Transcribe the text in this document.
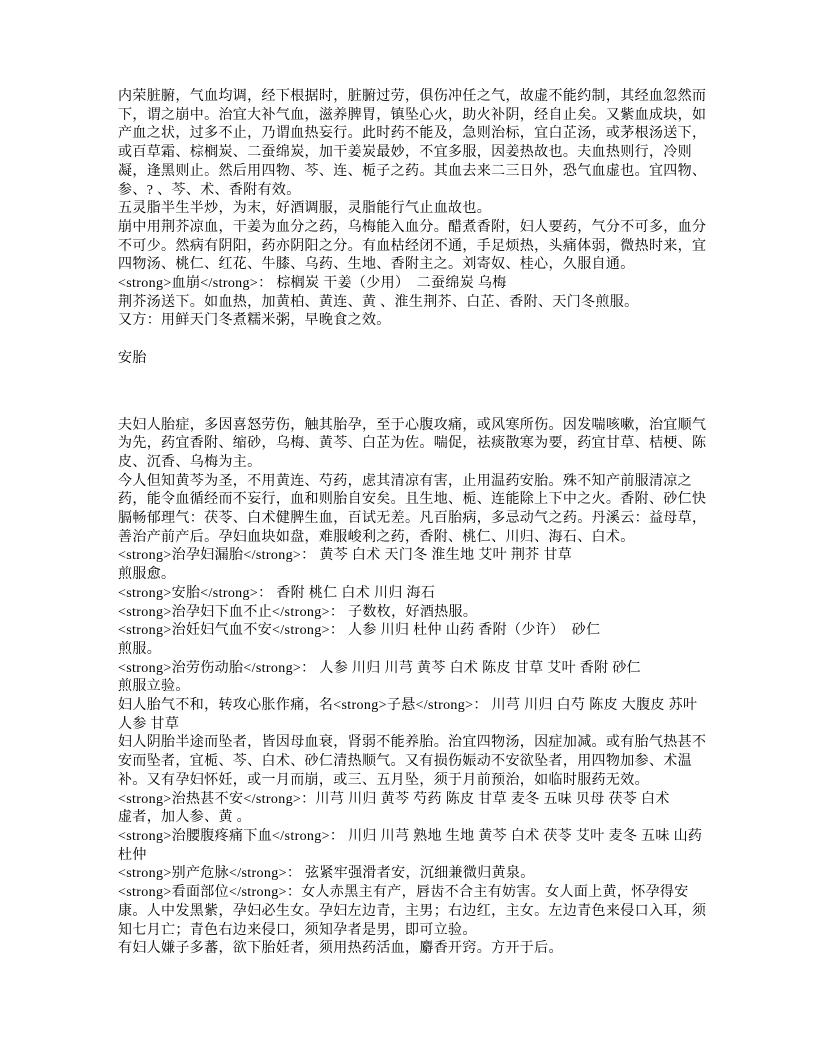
内荣脏腑，气血均调，经下根据时，脏腑过劳，俱伤冲任之气，故虚不能约制，其经血忽然而下，谓之崩中。治宜大补气血，滋养脾胃，镇坠心火，助火补阴，经自止矣。又紫血成块，如产血之状，过多不止，乃谓血热妄行。此时药不能及，急则治标，宜白芷汤，或茅根汤送下，或百草霜、棕榈炭、二蚕绵炭，加干姜炭最妙，不宜多服，因姜热故也。夫血热则行，冷则凝，逢黑则止。然后用四物、芩、连、栀子之药。其血去来二三日外，恐气血虚也。宜四物、参、? 、芩、术、香附有效。

五灵脂半生半炒，为末，好酒调服，灵脂能行气止血故也。

崩中用荆芥凉血，干姜为血分之药，乌梅能入血分。醋煮香附，妇人要药，气分不可多，血分不可少。然病有阴阳，药亦阴阳之分。有血枯经闭不通，手足烦热，头痛体弱，微热时来，宜四物汤、桃仁、红花、牛膝、乌药、生地、香附主之。刘寄奴、桂心，久服自通。

<strong>血崩</strong>： 棕榈炭 干姜（少用）　二蚕绵炭 乌梅

荆芥汤送下。如血热，加黄柏、黄连、黄 、淮生荆芥、白芷、香附、天门冬煎服。

又方：用鲜天门冬煮糯米粥，早晚食之效。

安胎

夫妇人胎症，多因喜怒劳伤，触其胎孕，至于心腹攻痛，或风寒所伤。因发喘咳嗽，治宜顺气为先，药宜香附、缩砂，乌梅、黄芩、白芷为佐。喘促，祛痰散寒为要，药宜甘草、桔梗、陈皮、沉香、乌梅为主。

今人但知黄芩为圣，不用黄连、芍药，虑其清凉有害，止用温药安胎。殊不知产前服清凉之药，能令血循经而不妄行，血和则胎自安矣。且生地、栀、连能除上下中之火。香附、砂仁快膈畅郁理气：茯苓、白术健脾生血，百试无差。凡百胎病，多忌动气之药。丹溪云：益母草，善治产前产后。孕妇血块如盘，难服峻利之药，香附、桃仁、川归、海石、白术。

<strong>治孕妇漏胎</strong>： 黄芩 白术 天门冬 淮生地 艾叶 荆芥 甘草

煎服愈。

<strong>安胎</strong>： 香附 桃仁 白术 川归 海石

<strong>治孕妇下血不止</strong>： 子数枚，好酒热服。

<strong>治妊妇气血不安</strong>： 人参 川归 杜仲 山药 香附（少许）　砂仁

煎服。

<strong>治劳伤动胎</strong>： 人参 川归 川芎 黄芩 白术 陈皮 甘草 艾叶 香附 砂仁

煎服立验。

妇人胎气不和，转攻心胀作痛，名<strong>子悬</strong>： 川芎 川归 白芍 陈皮 大腹皮 苏叶 人参 甘草

妇人阴胎半途而坠者，皆因母血衰，肾弱不能养胎。治宜四物汤，因症加减。或有胎气热甚不安而坠者，宜栀、芩、白术、砂仁清热顺气。又有损伤娠动不安欲坠者，用四物加参、术温补。又有孕妇怀妊，或一月而崩，或三、五月坠，须于月前预治，如临时服药无效。

<strong>治热甚不安</strong>：川芎 川归 黄芩 芍药 陈皮 甘草 麦冬 五味 贝母 茯苓 白术

虚者，加人参、黄 。

<strong>治腰腹疼痛下血</strong>： 川归 川芎 熟地 生地 黄芩 白术 茯苓 艾叶 麦冬 五味 山药 杜仲

<strong>别产危脉</strong>： 弦紧牢强滑者安，沉细兼微归黄泉。

<strong>看面部位</strong>：女人赤黑主有产，唇齿不合主有妨害。女人面上黄，怀孕得安康。人中发黑紫，孕妇必生女。孕妇左边青，主男；右边红，主女。左边青色来侵口入耳，须知七月亡；青色右边来侵口，须知孕者是男，即可立验。

有妇人嫌子多蕃，欲下胎妊者，须用热药活血，麝香开窍。方开于后。
